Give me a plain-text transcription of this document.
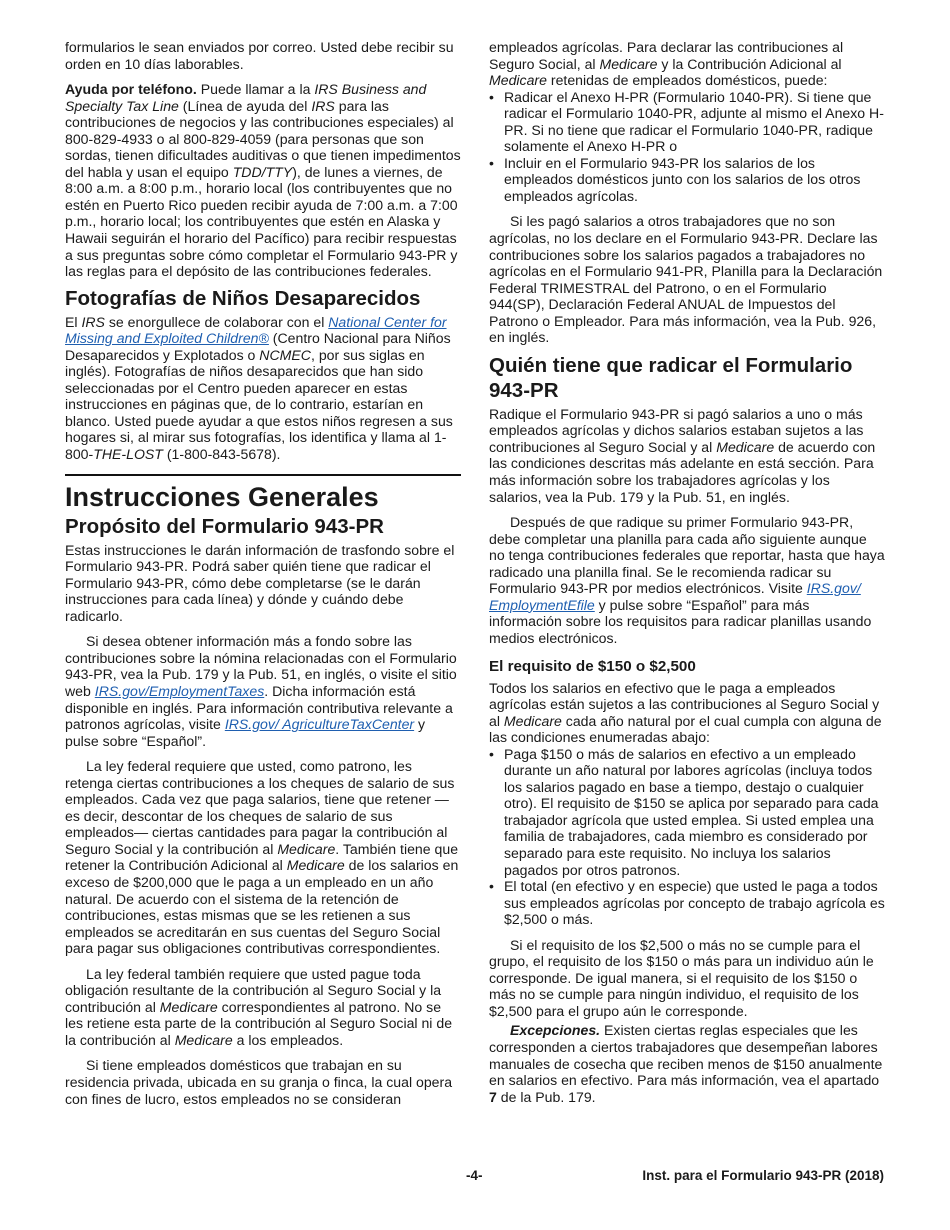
formularios le sean enviados por correo. Usted debe recibir su orden en 10 días laborables.

Ayuda por teléfono. Puede llamar a la IRS Business and Specialty Tax Line (Línea de ayuda del IRS para las contribuciones de negocios y las contribuciones especiales) al 800-829-4933 o al 800-829-4059 (para personas que son sordas, tienen dificultades auditivas o que tienen impedimentos del habla y usan el equipo TDD/TTY), de lunes a viernes, de 8:00 a.m. a 8:00 p.m., horario local (los contribuyentes que no estén en Puerto Rico pueden recibir ayuda de 7:00 a.m. a 7:00 p.m., horario local; los contribuyentes que estén en Alaska y Hawaii seguirán el horario del Pacífico) para recibir respuestas a sus preguntas sobre cómo completar el Formulario 943-PR y las reglas para el depósito de las contribuciones federales.

Fotografías de Niños Desaparecidos

El IRS se enorgullece de colaborar con el National Center for Missing and Exploited Children® (Centro Nacional para Niños Desaparecidos y Explotados o NCMEC, por sus siglas en inglés). Fotografías de niños desaparecidos que han sido seleccionadas por el Centro pueden aparecer en estas instrucciones en páginas que, de lo contrario, estarían en blanco. Usted puede ayudar a que estos niños regresen a sus hogares si, al mirar sus fotografías, los identifica y llama al 1-800-THE-LOST (1-800-843-5678).

Instrucciones Generales
Propósito del Formulario 943-PR

Estas instrucciones le darán información de trasfondo sobre el Formulario 943-PR. Podrá saber quién tiene que radicar el Formulario 943-PR, cómo debe completarse (se le darán instrucciones para cada línea) y dónde y cuándo debe radicarlo.

Si desea obtener información más a fondo sobre las contribuciones sobre la nómina relacionadas con el Formulario 943-PR, vea la Pub. 179 y la Pub. 51, en inglés, o visite el sitio web IRS.gov/EmploymentTaxes. Dicha información está disponible en inglés. Para información contributiva relevante a patronos agrícolas, visite IRS.gov/ AgricultureTaxCenter y pulse sobre “Español”.

La ley federal requiere que usted, como patrono, les retenga ciertas contribuciones a los cheques de salario de sus empleados. Cada vez que paga salarios, tiene que retener —es decir, descontar de los cheques de salario de sus empleados— ciertas cantidades para pagar la contribución al Seguro Social y la contribución al Medicare. También tiene que retener la Contribución Adicional al Medicare de los salarios en exceso de $200,000 que le paga a un empleado en un año natural. De acuerdo con el sistema de la retención de contribuciones, estas mismas que se les retienen a sus empleados se acreditarán en sus cuentas del Seguro Social para pagar sus obligaciones contributivas correspondientes.

La ley federal también requiere que usted pague toda obligación resultante de la contribución al Seguro Social y la contribución al Medicare correspondientes al patrono. No se les retiene esta parte de la contribución al Seguro Social ni de la contribución al Medicare a los empleados.

Si tiene empleados domésticos que trabajan en su residencia privada, ubicada en su granja o finca, la cual opera con fines de lucro, estos empleados no se consideran

empleados agrícolas. Para declarar las contribuciones al Seguro Social, al Medicare y la Contribución Adicional al Medicare retenidas de empleados domésticos, puede:

• Radicar el Anexo H-PR (Formulario 1040-PR). Si tiene que radicar el Formulario 1040-PR, adjunte al mismo el Anexo H-PR. Si no tiene que radicar el Formulario 1040-PR, radique solamente el Anexo H-PR o

• Incluir en el Formulario 943-PR los salarios de los empleados domésticos junto con los salarios de los otros empleados agrícolas.

Si les pagó salarios a otros trabajadores que no son agrícolas, no los declare en el Formulario 943-PR. Declare las contribuciones sobre los salarios pagados a trabajadores no agrícolas en el Formulario 941-PR, Planilla para la Declaración Federal TRIMESTRAL del Patrono, o en el Formulario 944(SP), Declaración Federal ANUAL de Impuestos del Patrono o Empleador. Para más información, vea la Pub. 926, en inglés.

Quién tiene que radicar el Formulario 943-PR

Radique el Formulario 943-PR si pagó salarios a uno o más empleados agrícolas y dichos salarios estaban sujetos a las contribuciones al Seguro Social y al Medicare de acuerdo con las condiciones descritas más adelante en está sección. Para más información sobre los trabajadores agrícolas y los salarios, vea la Pub. 179 y la Pub. 51, en inglés.

Después de que radique su primer Formulario 943-PR, debe completar una planilla para cada año siguiente aunque no tenga contribuciones federales que reportar, hasta que haya radicado una planilla final. Se le recomienda radicar su Formulario 943-PR por medios electrónicos. Visite IRS.gov/ EmploymentEfile y pulse sobre “Español” para más información sobre los requisitos para radicar planillas usando medios electrónicos.

El requisito de $150 o $2,500

Todos los salarios en efectivo que le paga a empleados agrícolas están sujetos a las contribuciones al Seguro Social y al Medicare cada año natural por el cual cumpla con alguna de las condiciones enumeradas abajo:

• Paga $150 o más de salarios en efectivo a un empleado durante un año natural por labores agrícolas (incluya todos los salarios pagado en base a tiempo, destajo o cualquier otro). El requisito de $150 se aplica por separado para cada trabajador agrícola que usted emplea. Si usted emplea una familia de trabajadores, cada miembro es considerado por separado para este requisito. No incluya los salarios pagados por otros patronos.

• El total (en efectivo y en especie) que usted le paga a todos sus empleados agrícolas por concepto de trabajo agrícola es $2,500 o más.

Si el requisito de los $2,500 o más no se cumple para el grupo, el requisito de los $150 o más para un individuo aún le corresponde. De igual manera, si el requisito de los $150 o más no se cumple para ningún individuo, el requisito de los $2,500 para el grupo aún le corresponde.

Excepciones. Existen ciertas reglas especiales que les corresponden a ciertos trabajadores que desempeñan labores manuales de cosecha que reciben menos de $150 anualmente en salarios en efectivo. Para más información, vea el apartado 7 de la Pub. 179.

-4-	Inst. para el Formulario 943-PR (2018)
